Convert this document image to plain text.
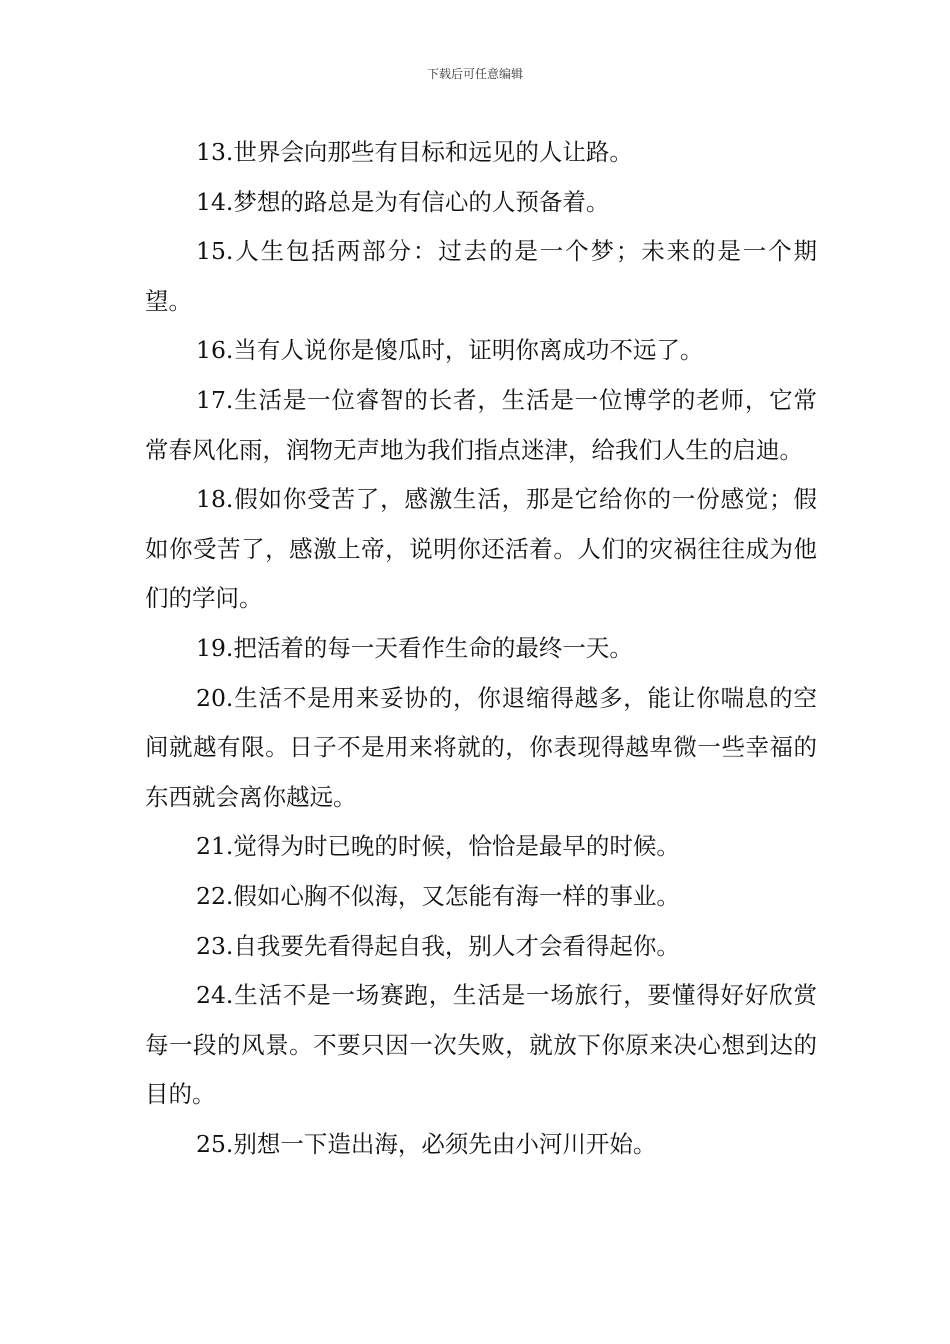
下载后可任意编辑

13.世界会向那些有目标和远见的人让路。

14.梦想的路总是为有信心的人预备着。

15.人生包括两部分：过去的是一个梦；未来的是一个期望。

16.当有人说你是傻瓜时，证明你离成功不远了。

17.生活是一位睿智的长者，生活是一位博学的老师，它常常春风化雨，润物无声地为我们指点迷津，给我们人生的启迪。

18.假如你受苦了，感激生活，那是它给你的一份感觉；假如你受苦了，感激上帝，说明你还活着。人们的灾祸往往成为他们的学问。

19.把活着的每一天看作生命的最终一天。

20.生活不是用来妥协的，你退缩得越多，能让你喘息的空间就越有限。日子不是用来将就的，你表现得越卑微一些幸福的东西就会离你越远。

21.觉得为时已晚的时候，恰恰是最早的时候。

22.假如心胸不似海，又怎能有海一样的事业。

23.自我要先看得起自我，别人才会看得起你。

24.生活不是一场赛跑，生活是一场旅行，要懂得好好欣赏每一段的风景。不要只因一次失败，就放下你原来决心想到达的目的。

25.别想一下造出海，必须先由小河川开始。
